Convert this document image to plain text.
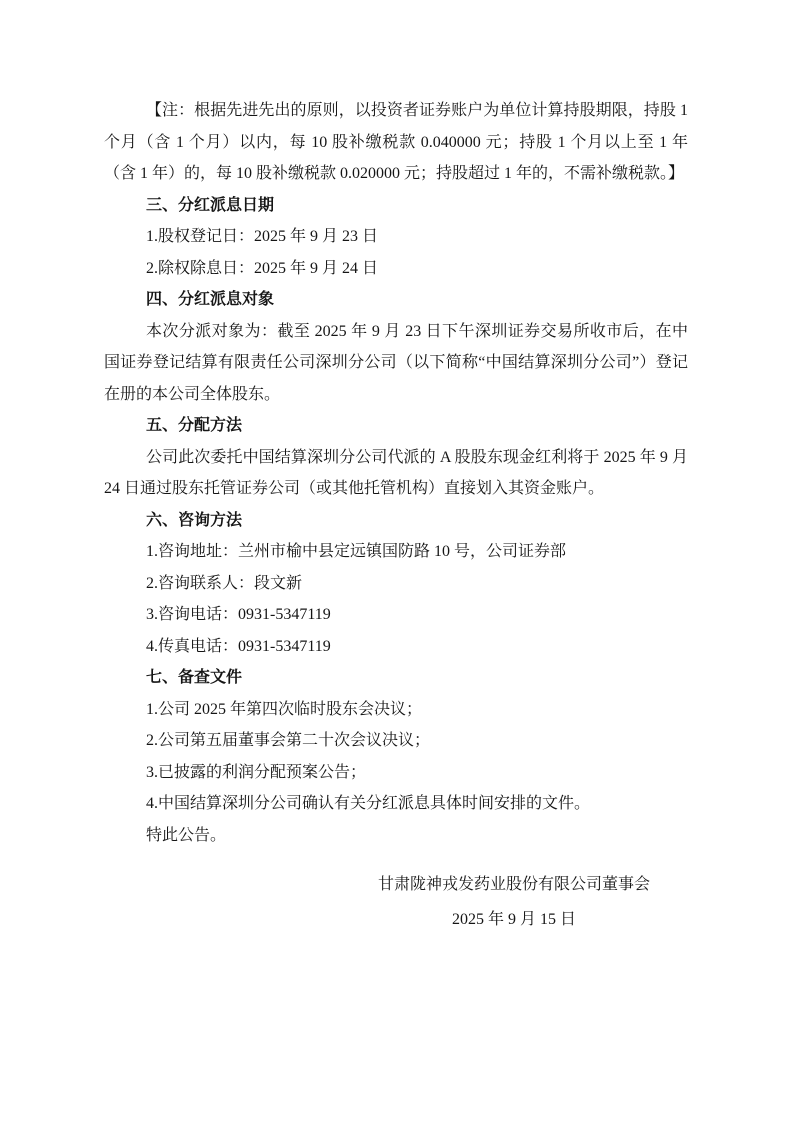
【注：根据先进先出的原则，以投资者证券账户为单位计算持股期限，持股 1 个月（含 1 个月）以内，每 10 股补缴税款 0.040000 元；持股 1 个月以上至 1 年（含 1 年）的，每 10 股补缴税款 0.020000 元；持股超过 1 年的，不需补缴税款。】

三、分红派息日期

1.股权登记日：2025 年 9 月 23 日

2.除权除息日：2025 年 9 月 24 日

四、分红派息对象

本次分派对象为：截至 2025 年 9 月 23 日下午深圳证券交易所收市后，在中国证券登记结算有限责任公司深圳分公司（以下简称“中国结算深圳分公司”）登记在册的本公司全体股东。

五、分配方法

公司此次委托中国结算深圳分公司代派的 A 股股东现金红利将于 2025 年 9 月 24 日通过股东托管证券公司（或其他托管机构）直接划入其资金账户。

六、咨询方法

1.咨询地址：兰州市榆中县定远镇国防路 10 号，公司证券部

2.咨询联系人：段文新

3.咨询电话：0931-5347119

4.传真电话：0931-5347119

七、备查文件

1.公司 2025 年第四次临时股东会决议；

2.公司第五届董事会第二十次会议决议；

3.已披露的利润分配预案公告；

4.中国结算深圳分公司确认有关分红派息具体时间安排的文件。

特此公告。

甘肃陇神戎发药业股份有限公司董事会
2025 年 9 月 15 日
